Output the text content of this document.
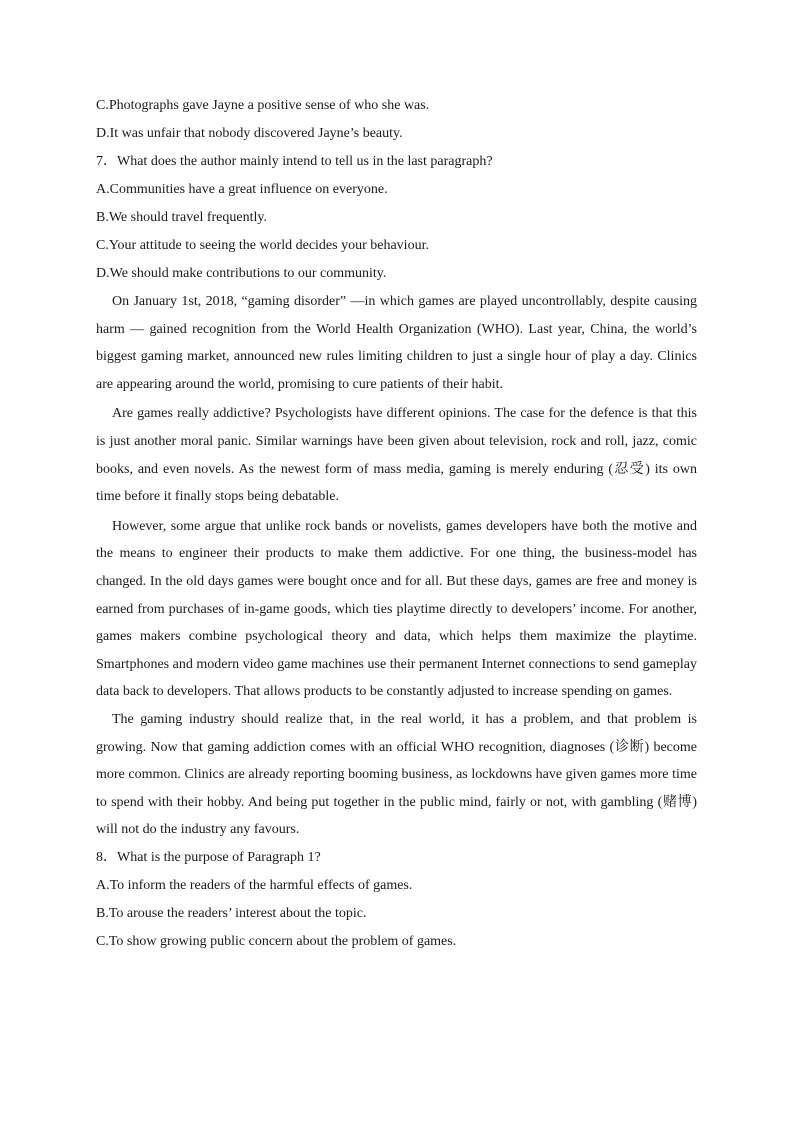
C.Photographs gave Jayne a positive sense of who she was.
D.It was unfair that nobody discovered Jayne’s beauty.
7．What does the author mainly intend to tell us in the last paragraph?
A.Communities have a great influence on everyone.
B.We should travel frequently.
C.Your attitude to seeing the world decides your behaviour.
D.We should make contributions to our community.

On January 1st, 2018, “gaming disorder” —in which games are played uncontrollably, despite causing harm — gained recognition from the World Health Organization (WHO). Last year, China, the world’s biggest gaming market, announced new rules limiting children to just a single hour of play a day. Clinics are appearing around the world, promising to cure patients of their habit.

Are games really addictive? Psychologists have different opinions. The case for the defence is that this is just another moral panic. Similar warnings have been given about television, rock and roll, jazz, comic books, and even novels. As the newest form of mass media, gaming is merely enduring (忍受) its own time before it finally stops being debatable.

However, some argue that unlike rock bands or novelists, games developers have both the motive and the means to engineer their products to make them addictive. For one thing, the business-model has changed. In the old days games were bought once and for all. But these days, games are free and money is earned from purchases of in-game goods, which ties playtime directly to developers’ income. For another, games makers combine psychological theory and data, which helps them maximize the playtime. Smartphones and modern video game machines use their permanent Internet connections to send gameplay data back to developers. That allows products to be constantly adjusted to increase spending on games.

The gaming industry should realize that, in the real world, it has a problem, and that problem is growing. Now that gaming addiction comes with an official WHO recognition, diagnoses (诊断) become more common. Clinics are already reporting booming business, as lockdowns have given games more time to spend with their hobby. And being put together in the public mind, fairly or not, with gambling (赌博) will not do the industry any favours.

8．What is the purpose of Paragraph 1?
A.To inform the readers of the harmful effects of games.
B.To arouse the readers’ interest about the topic.
C.To show growing public concern about the problem of games.
